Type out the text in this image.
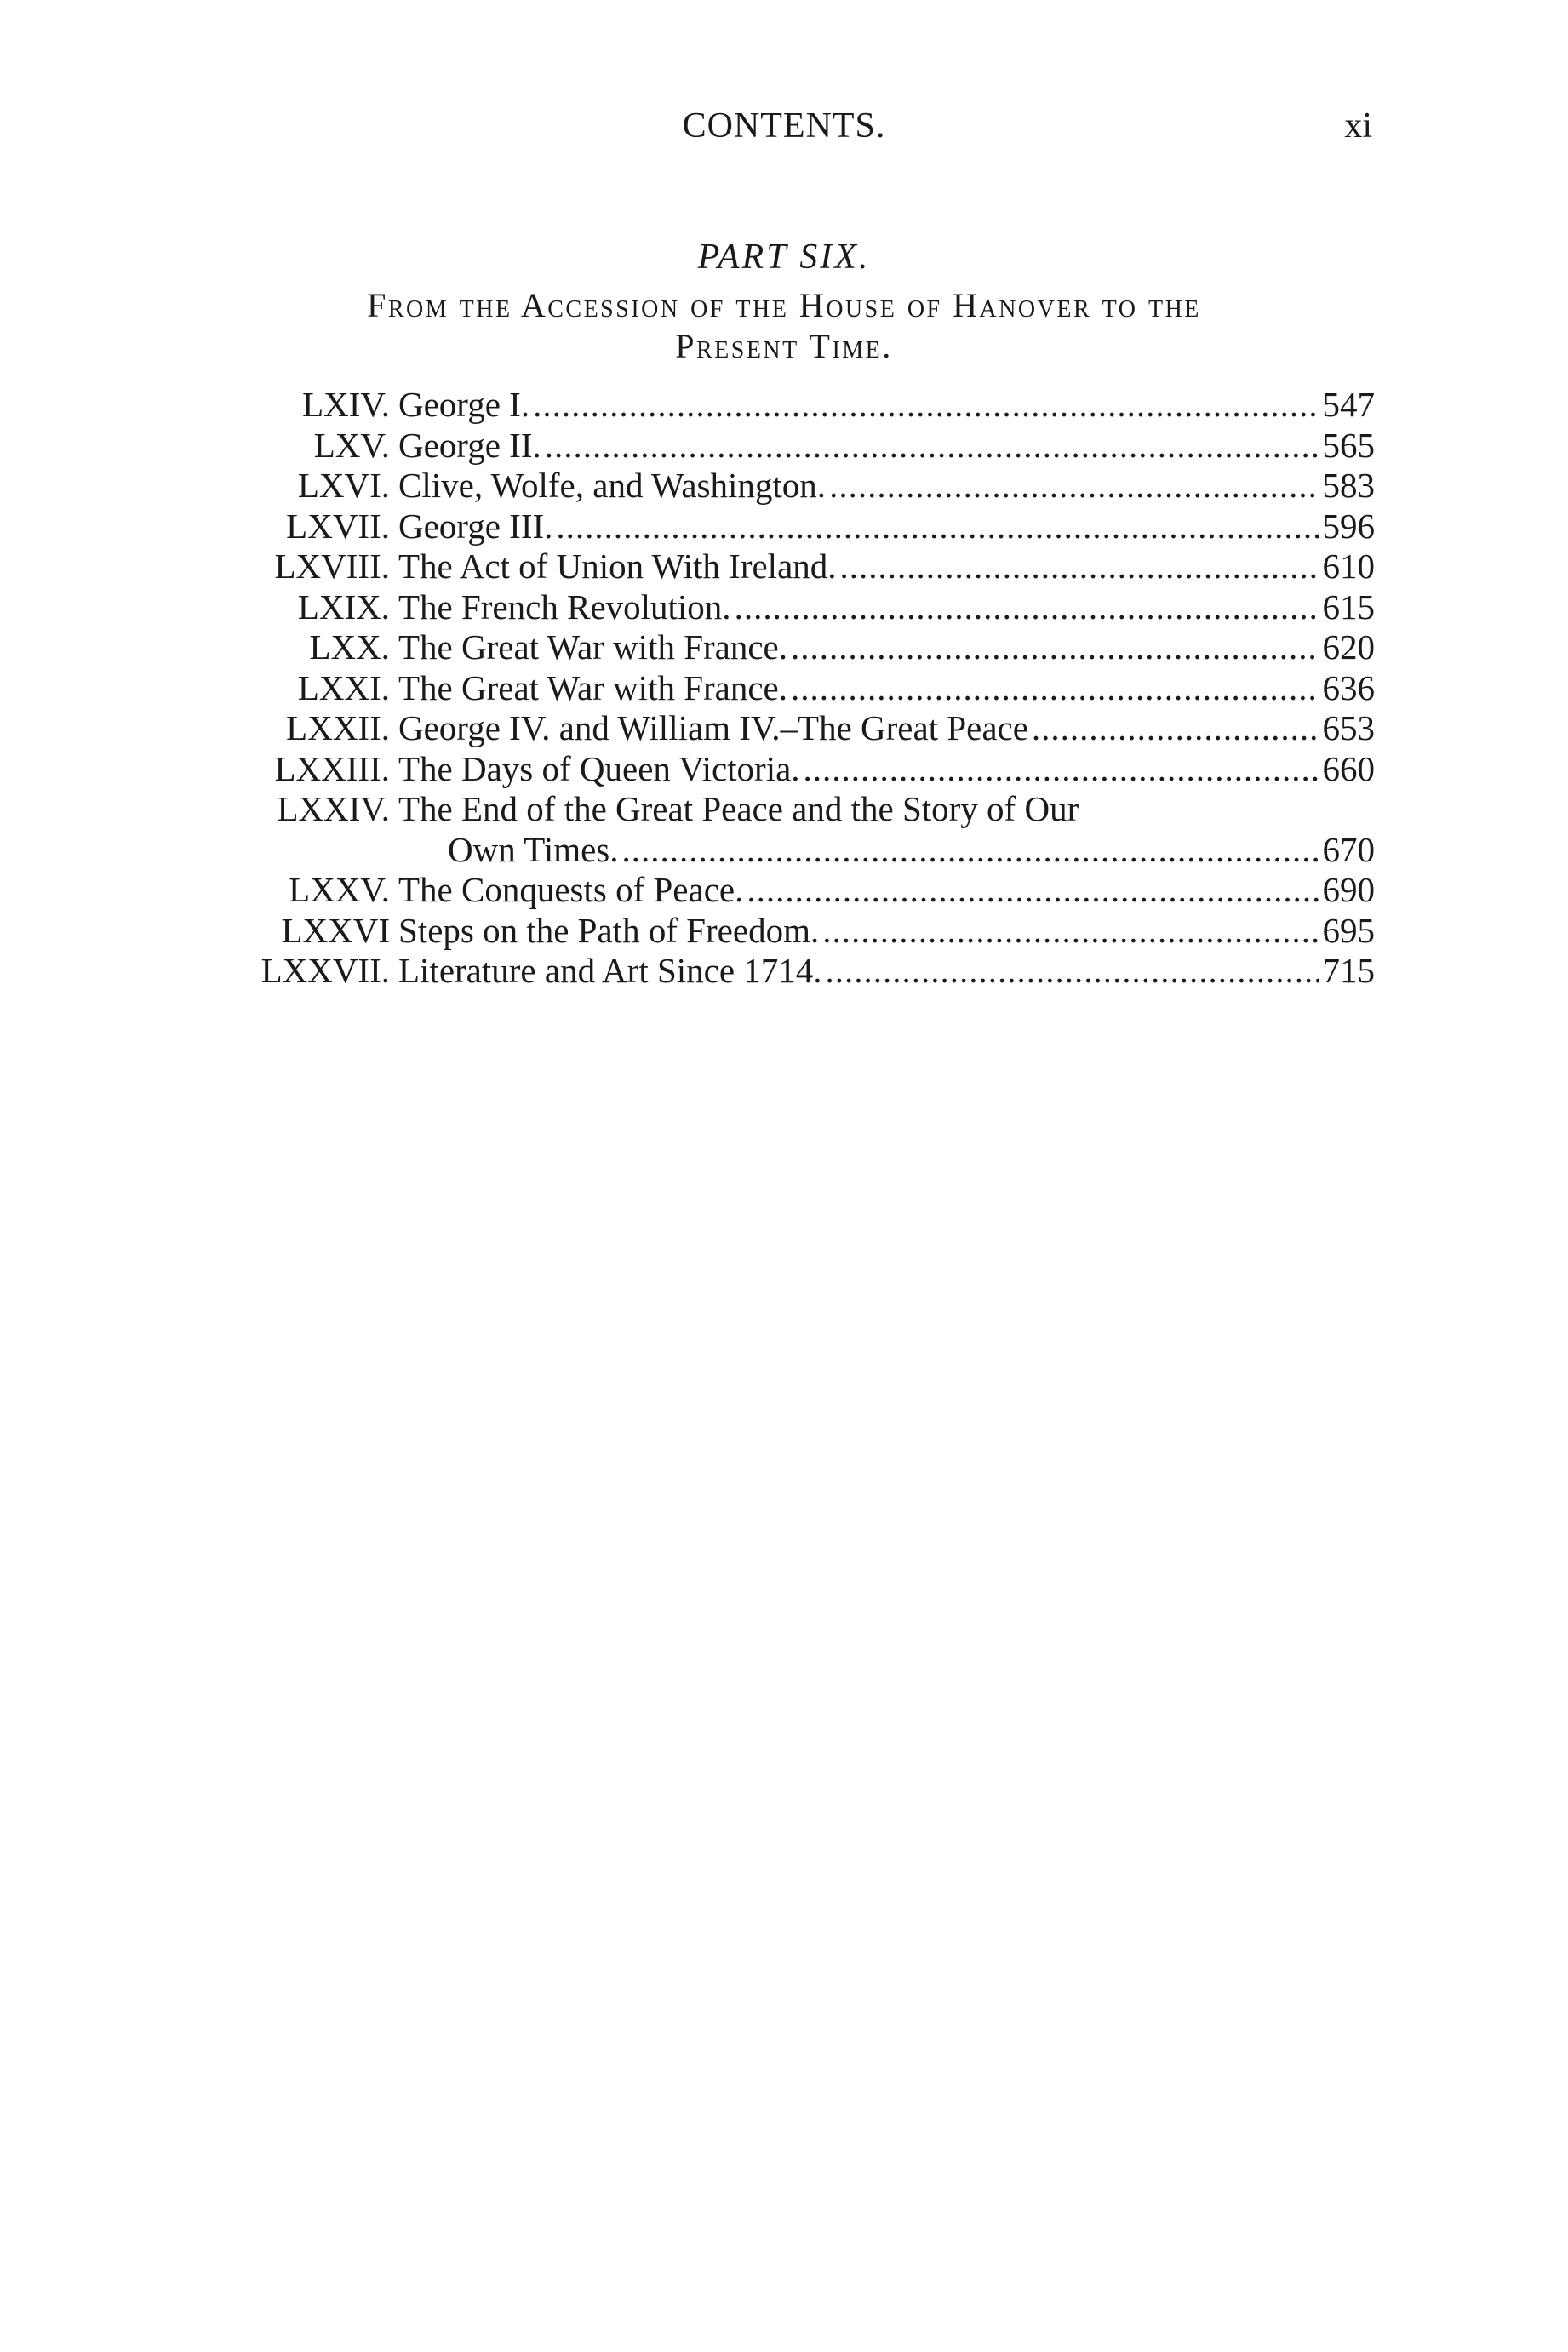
CONTENTS.	xi
PART SIX.
From the Accession of the House of Hanover to the
Present Time.
LXIV. George I. .....	547
LXV. George II. .....	565
LXVI. Clive, Wolfe, and Washington. .....	583
LXVII. George III. .....	596
LXVIII. The Act of Union With Ireland. .....	610
LXIX. The French Revolution. .....	615
LXX. The Great War with France. .....	620
LXXI. The Great War with France. .....	636
LXXII. George IV. and William IV.–The Great Peace .....	653
LXXIII. The Days of Queen Victoria. .....	660
LXXIV. The End of the Great Peace and the Story of Our
Own Times. .....	670
LXXV. The Conquests of Peace. .....	690
LXXVI Steps on the Path of Freedom. .....	695
LXXVII. Literature and Art Since 1714. .....	715
